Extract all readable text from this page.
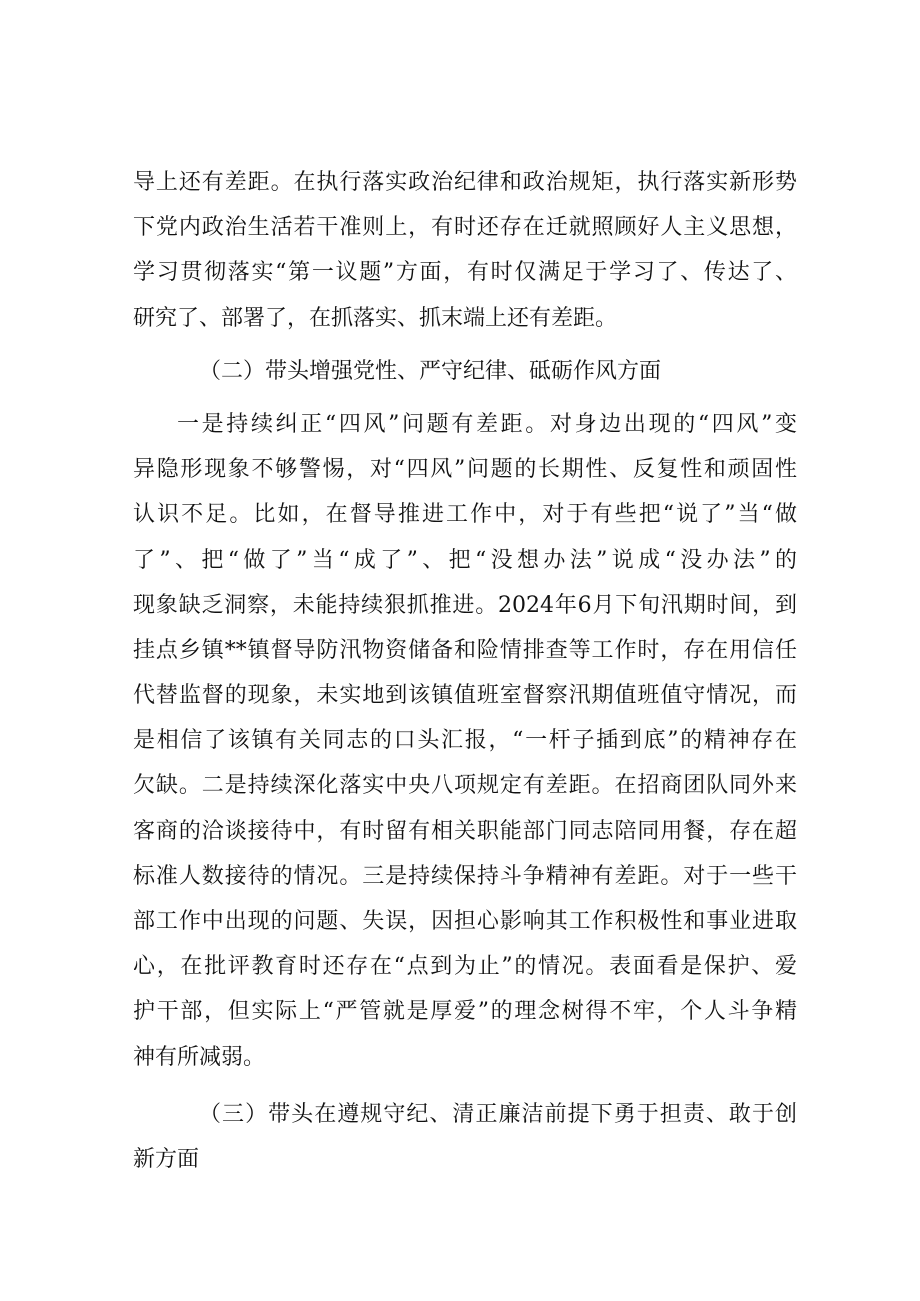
导上还有差距。在执行落实政治纪律和政治规矩，执行落实新形势
下党内政治生活若干准则上，有时还存在迁就照顾好人主义思想，
学习贯彻落实“第一议题”方面，有时仅满足于学习了、传达了、
研究了、部署了，在抓落实、抓末端上还有差距。
（二）带头增强党性、严守纪律、砥砺作风方面
一是持续纠正“四风”问题有差距。对身边出现的“四风”变
异隐形现象不够警惕，对“四风”问题的长期性、反复性和顽固性
认识不足。比如，在督导推进工作中，对于有些把“说了”当“做
了”、把“做了”当“成了”、把“没想办法”说成“没办法”的
现象缺乏洞察，未能持续狠抓推进。2024年6月下旬汛期时间，到
挂点乡镇**镇督导防汛物资储备和险情排查等工作时，存在用信任
代替监督的现象，未实地到该镇值班室督察汛期值班值守情况，而
是相信了该镇有关同志的口头汇报，“一杆子插到底”的精神存在
欠缺。二是持续深化落实中央八项规定有差距。在招商团队同外来
客商的洽谈接待中，有时留有相关职能部门同志陪同用餐，存在超
标准人数接待的情况。三是持续保持斗争精神有差距。对于一些干
部工作中出现的问题、失误，因担心影响其工作积极性和事业进取
心，在批评教育时还存在“点到为止”的情况。表面看是保护、爱
护干部，但实际上“严管就是厚爱”的理念树得不牢，个人斗争精
神有所减弱。
（三）带头在遵规守纪、清正廉洁前提下勇于担责、敢于创
新方面
